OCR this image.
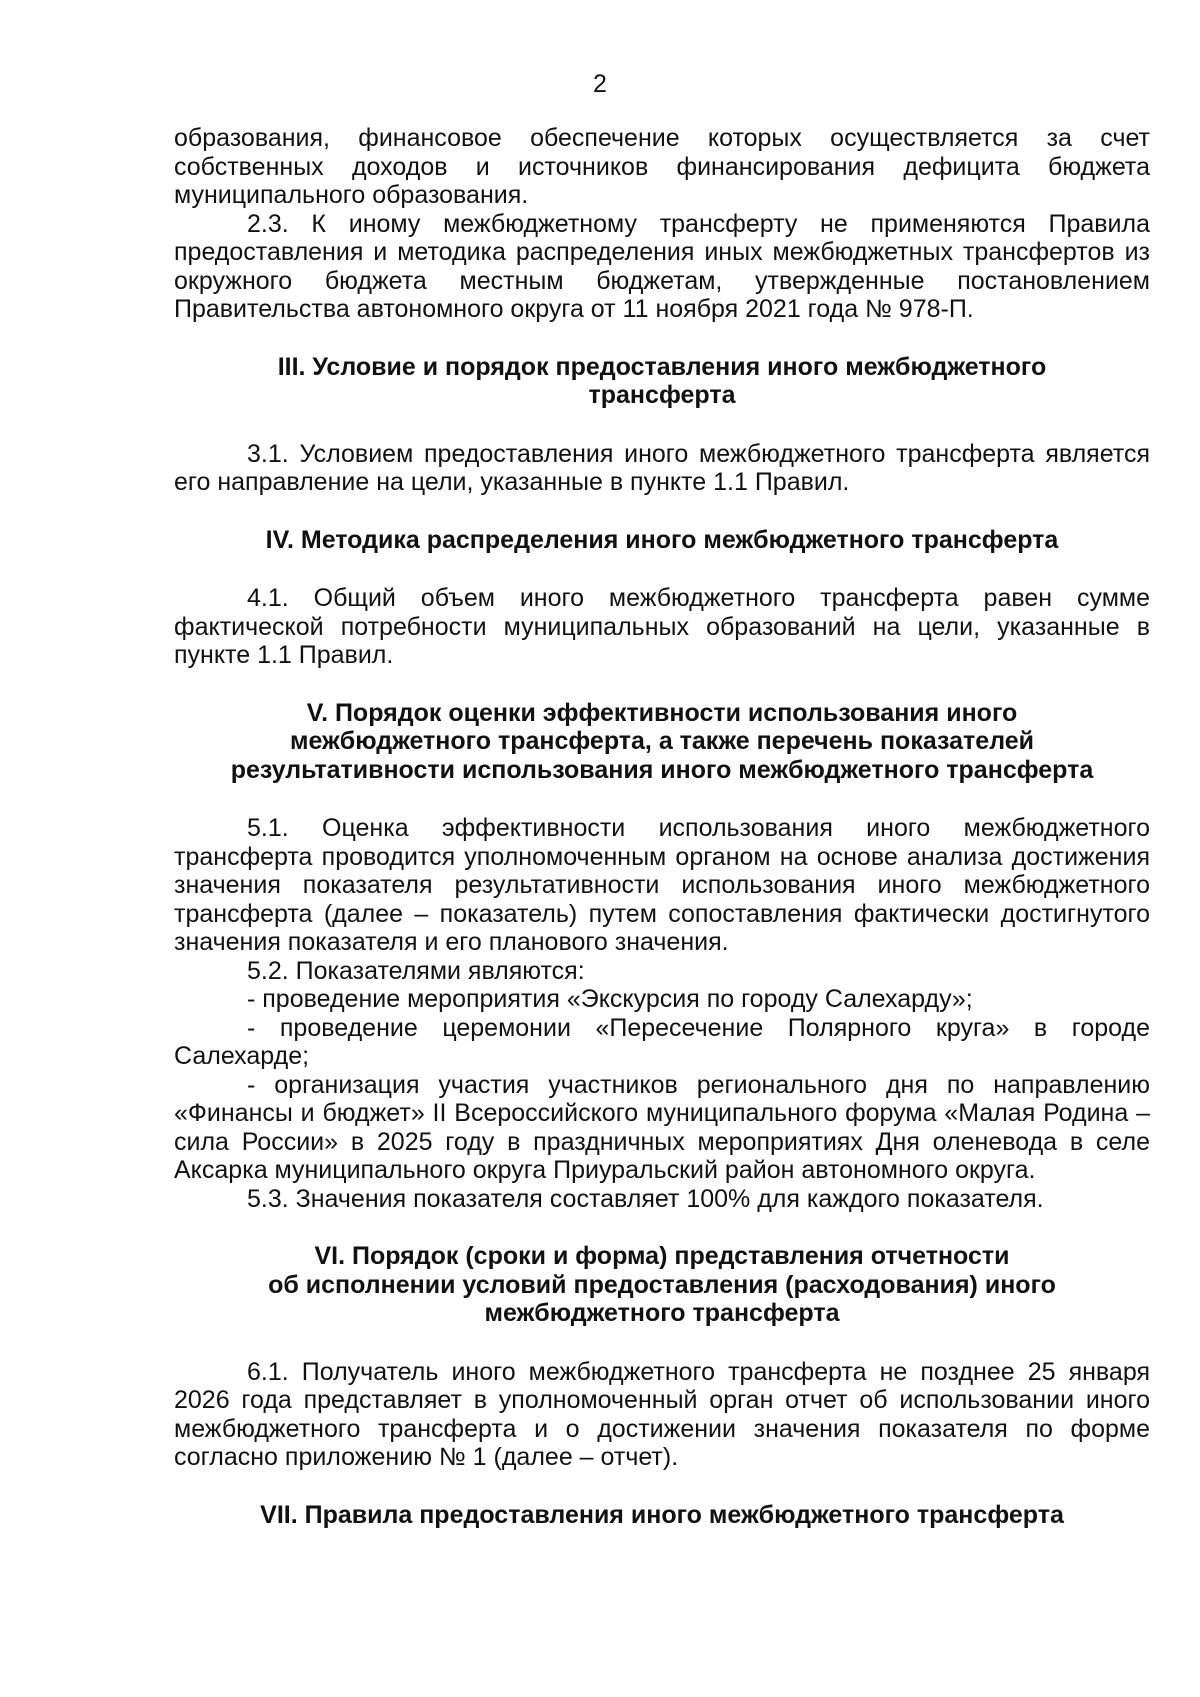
2

образования, финансовое обеспечение которых осуществляется за счет собственных доходов и источников финансирования дефицита бюджета муниципального образования.

2.3. К иному межбюджетному трансферту не применяются Правила предоставления и методика распределения иных межбюджетных трансфертов из окружного бюджета местным бюджетам, утвержденные постановлением Правительства автономного округа от 11 ноября 2021 года № 978-П.

III. Условие и порядок предоставления иного межбюджетного
трансферта

3.1. Условием предоставления иного межбюджетного трансферта является его направление на цели, указанные в пункте 1.1 Правил.

IV. Методика распределения иного межбюджетного трансферта

4.1. Общий объем иного межбюджетного трансферта равен сумме фактической потребности муниципальных образований на цели, указанные в пункте 1.1 Правил.

V. Порядок оценки эффективности использования иного
межбюджетного трансферта, а также перечень показателей
результативности использования иного межбюджетного трансферта

5.1. Оценка эффективности использования иного межбюджетного трансферта проводится уполномоченным органом на основе анализа достижения значения показателя результативности использования иного межбюджетного трансферта (далее – показатель) путем сопоставления фактически достигнутого значения показателя и его планового значения.

5.2. Показателями являются:

- проведение мероприятия «Экскурсия по городу Салехарду»;

- проведение церемонии «Пересечение Полярного круга» в городе Салехарде;

- организация участия участников регионального дня по направлению «Финансы и бюджет» II Всероссийского муниципального форума «Малая Родина – сила России» в 2025 году в праздничных мероприятиях Дня оленевода в селе Аксарка муниципального округа Приуральский район автономного округа.

5.3. Значения показателя составляет 100% для каждого показателя.

VI. Порядок (сроки и форма) представления отчетности
об исполнении условий предоставления (расходования) иного
межбюджетного трансферта

6.1. Получатель иного межбюджетного трансферта не позднее 25 января 2026 года представляет в уполномоченный орган отчет об использовании иного межбюджетного трансферта и о достижении значения показателя по форме согласно приложению № 1 (далее – отчет).

VII. Правила предоставления иного межбюджетного трансферта
